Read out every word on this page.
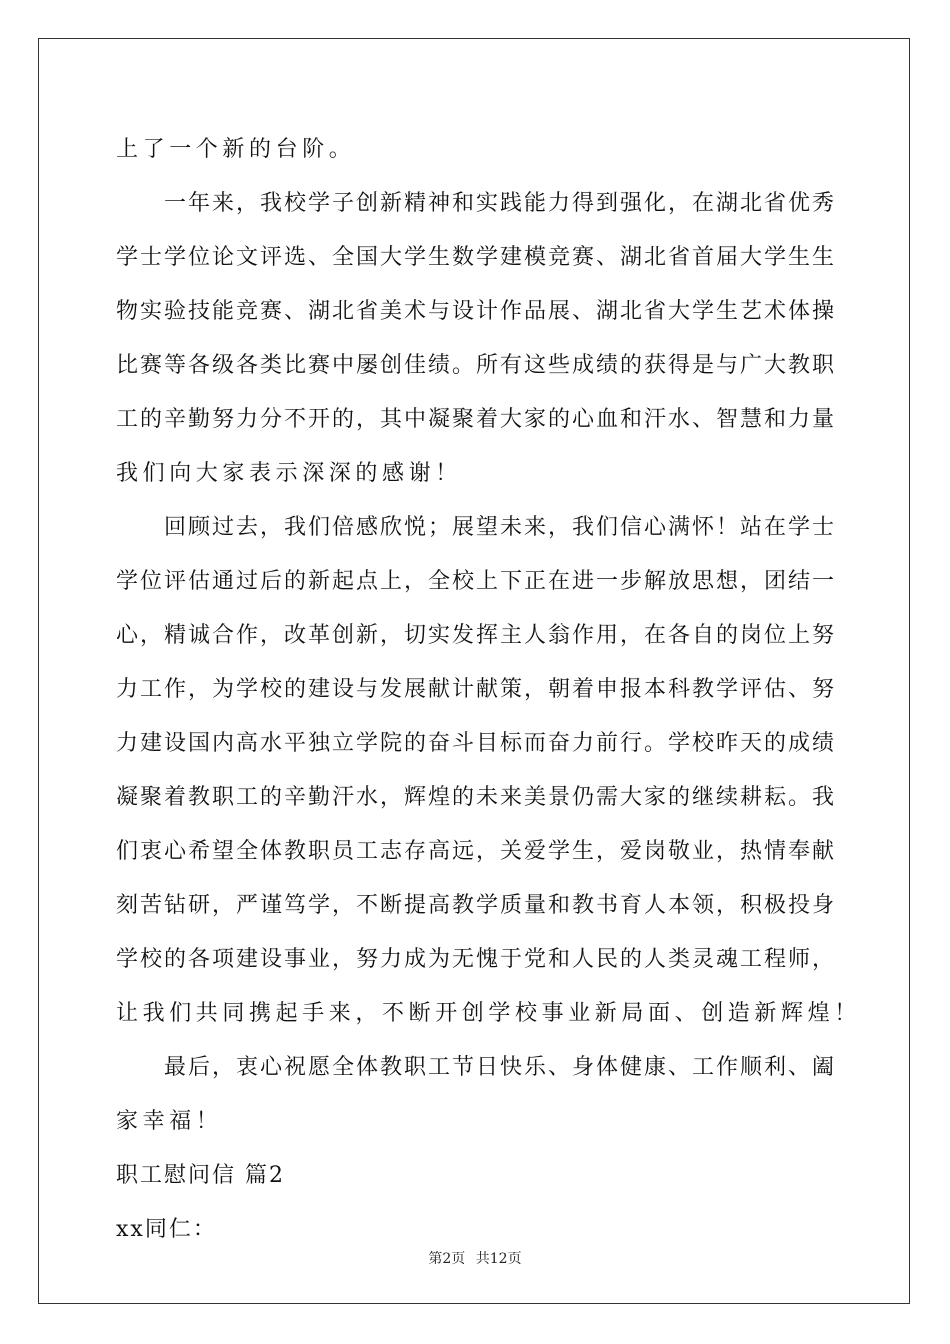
上了一个新的台阶。
一年来，我校学子创新精神和实践能力得到强化，在湖北省优秀
学士学位论文评选、全国大学生数学建模竞赛、湖北省首届大学生生
物实验技能竞赛、湖北省美术与设计作品展、湖北省大学生艺术体操
比赛等各级各类比赛中屡创佳绩。所有这些成绩的获得是与广大教职
工的辛勤努力分不开的，其中凝聚着大家的心血和汗水、智慧和力量
我们向大家表示深深的感谢！
回顾过去，我们倍感欣悦；展望未来，我们信心满怀！站在学士
学位评估通过后的新起点上，全校上下正在进一步解放思想，团结一
心，精诚合作，改革创新，切实发挥主人翁作用，在各自的岗位上努
力工作，为学校的建设与发展献计献策，朝着申报本科教学评估、努
力建设国内高水平独立学院的奋斗目标而奋力前行。学校昨天的成绩
凝聚着教职工的辛勤汗水，辉煌的未来美景仍需大家的继续耕耘。我
们衷心希望全体教职员工志存高远，关爱学生，爱岗敬业，热情奉献
刻苦钻研，严谨笃学，不断提高教学质量和教书育人本领，积极投身
学校的各项建设事业，努力成为无愧于党和人民的人类灵魂工程师，
让我们共同携起手来，不断开创学校事业新局面、创造新辉煌！
最后，衷心祝愿全体教职工节日快乐、身体健康、工作顺利、阖
家幸福！
职工慰问信 篇2
xx同仁：
第2页 共12页
